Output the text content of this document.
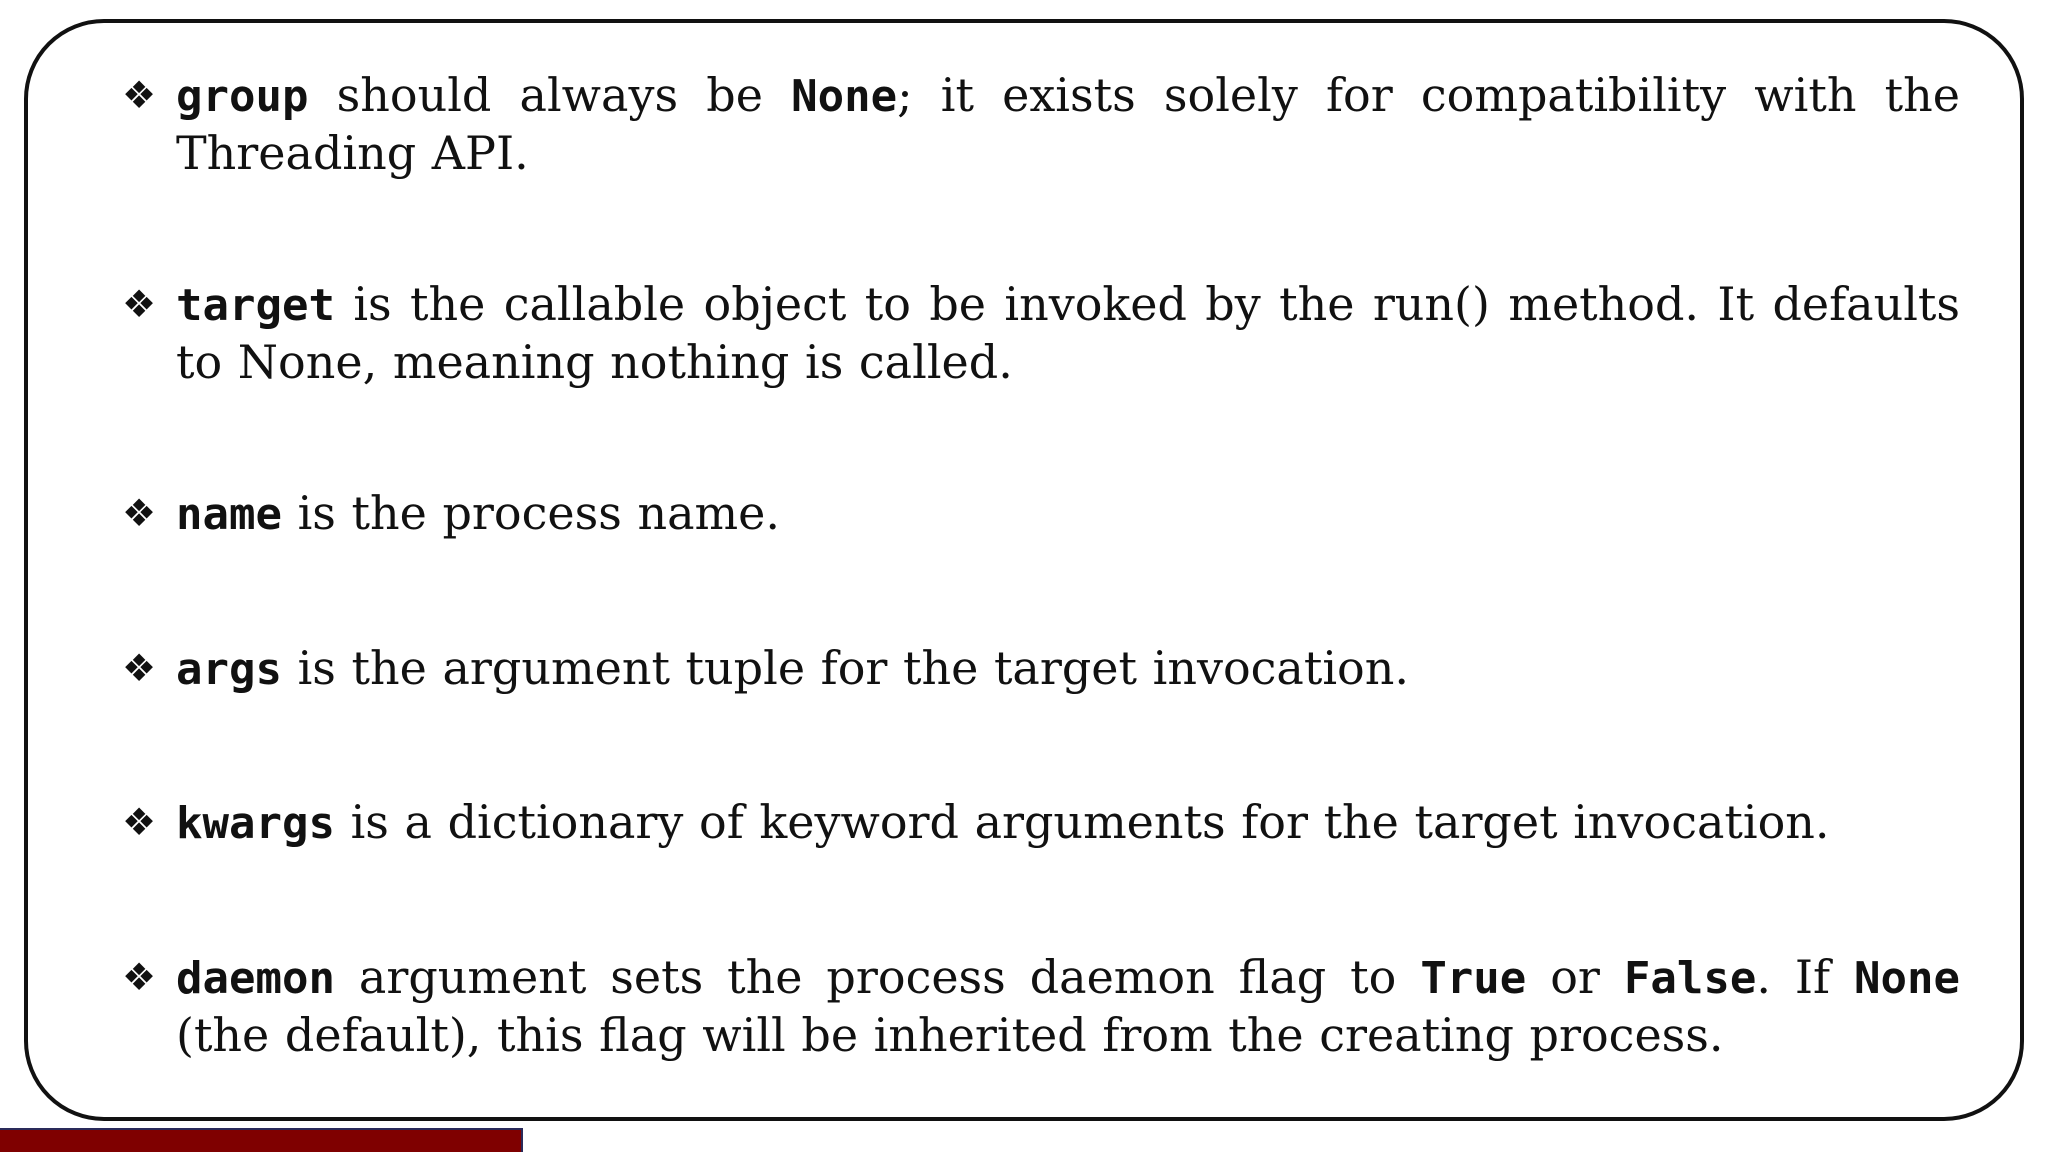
❖ group should always be None; it exists solely for compatibility with the Threading API.
❖ target is the callable object to be invoked by the run() method. It defaults to None, meaning nothing is called.
❖ name is the process name.
❖ args is the argument tuple for the target invocation.
❖ kwargs is a dictionary of keyword arguments for the target invocation.
❖ daemon argument sets the process daemon flag to True or False. If None (the default), this flag will be inherited from the creating process.
